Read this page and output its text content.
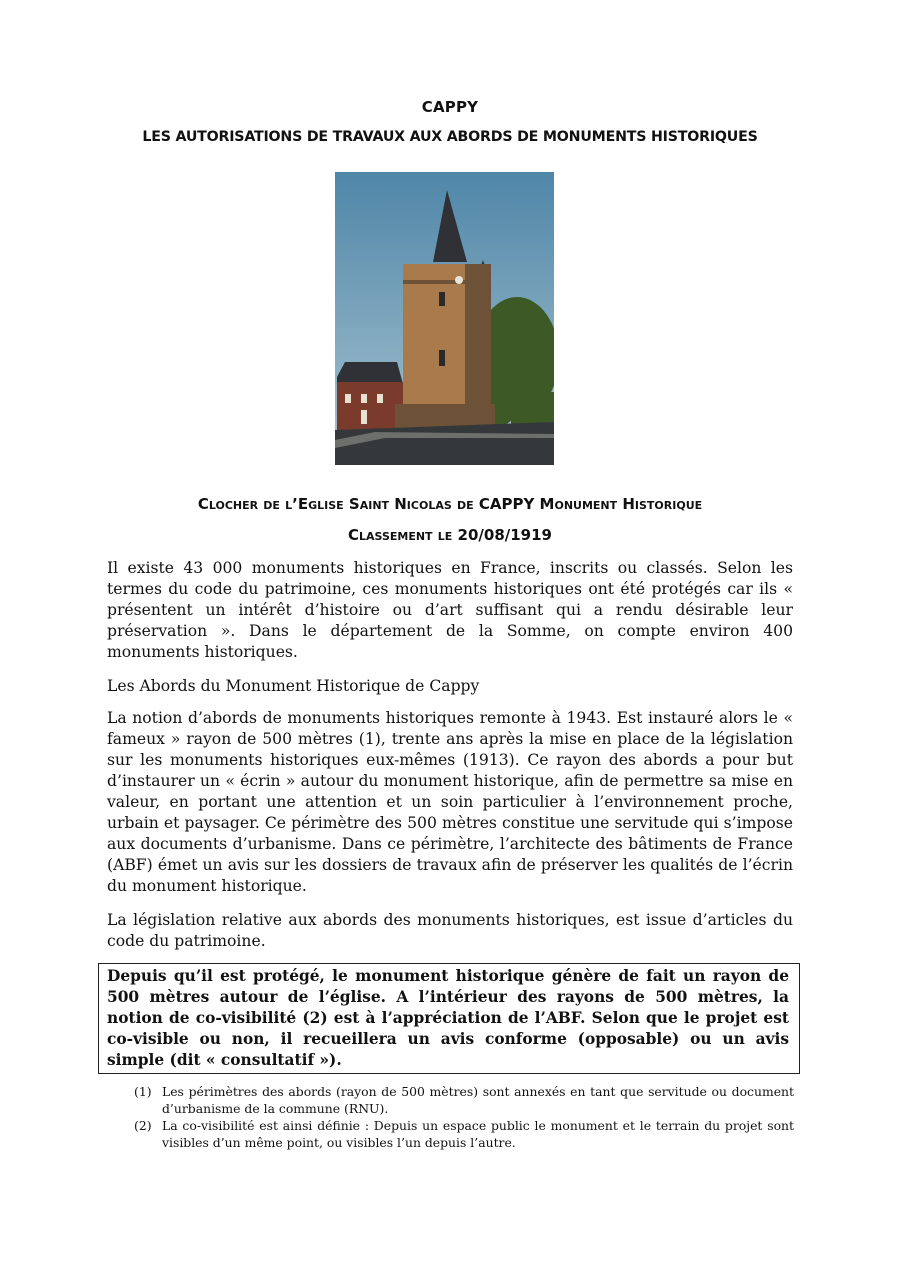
CAPPY
LES AUTORISATIONS DE TRAVAUX AUX ABORDS DE MONUMENTS HISTORIQUES
Clocher de l’Eglise Saint Nicolas de CAPPY Monument Historique
Classement le 20/08/1919

Il existe 43 000 monuments historiques en France, inscrits ou classés. Selon les termes du code du patrimoine, ces monuments historiques ont été protégés car ils « présentent un intérêt d’histoire ou d’art suffisant qui a rendu désirable leur préservation ». Dans le département de la Somme, on compte environ 400 monuments historiques.

Les Abords du Monument Historique de Cappy

La notion d’abords de monuments historiques remonte à 1943. Est instauré alors le « fameux » rayon de 500 mètres (1), trente ans après la mise en place de la législation sur les monuments historiques eux-mêmes (1913). Ce rayon des abords a pour but d’instaurer un « écrin » autour du monument historique, afin de permettre sa mise en valeur, en portant une attention et un soin particulier à l’environnement proche, urbain et paysager. Ce périmètre des 500 mètres constitue une servitude qui s’impose aux documents d’urbanisme. Dans ce périmètre, l’architecte des bâtiments de France (ABF) émet un avis sur les dossiers de travaux afin de préserver les qualités de l’écrin du monument historique.

La législation relative aux abords des monuments historiques, est issue d’articles du code du patrimoine.

Depuis qu’il est protégé, le monument historique génère de fait un rayon de 500 mètres autour de l’église. A l’intérieur des rayons de 500 mètres, la notion de co-visibilité (2) est à l’appréciation de l’ABF. Selon que le projet est co-visible ou non, il recueillera un avis conforme (opposable) ou un avis simple (dit « consultatif »).

(1) Les périmètres des abords (rayon de 500 mètres) sont annexés en tant que servitude ou document d’urbanisme de la commune (RNU).
(2) La co-visibilité est ainsi définie : Depuis un espace public le monument et le terrain du projet sont visibles d’un même point, ou visibles l’un depuis l’autre.
